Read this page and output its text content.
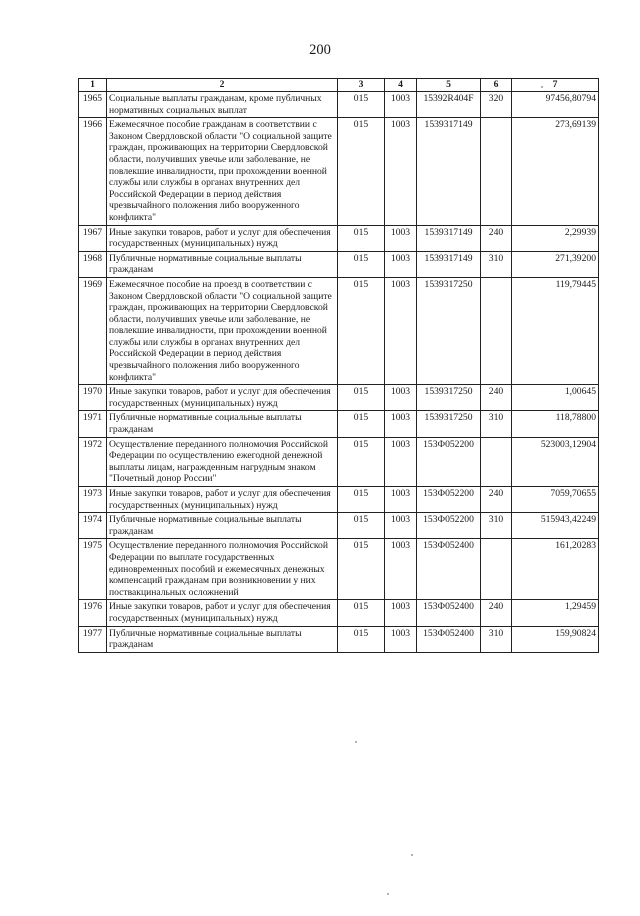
200
1	2	3	4	5	6	7
1965	Социальные выплаты гражданам, кроме публичных нормативных социальных выплат	015	1003	15392R404F	320	97456,80794
1966	Ежемесячное пособие гражданам в соответствии с Законом Свердловской области "О социальной защите граждан, проживающих на территории Свердловской области, получивших увечье или заболевание, не повлекшие инвалидности, при прохождении военной службы или службы в органах внутренних дел Российской Федерации в период действия чрезвычайного положения либо вооруженного конфликта"	015	1003	1539317149		273,69139
1967	Иные закупки товаров, работ и услуг для обеспечения государственных (муниципальных) нужд	015	1003	1539317149	240	2,29939
1968	Публичные нормативные социальные выплаты гражданам	015	1003	1539317149	310	271,39200
1969	Ежемесячное пособие на проезд в соответствии с Законом Свердловской области "О социальной защите граждан, проживающих на территории Свердловской области, получивших увечье или заболевание, не повлекшие инвалидности, при прохождении военной службы или службы в органах внутренних дел Российской Федерации в период действия чрезвычайного положения либо вооруженного конфликта"	015	1003	1539317250		119,79445
1970	Иные закупки товаров, работ и услуг для обеспечения государственных (муниципальных) нужд	015	1003	1539317250	240	1,00645
1971	Публичные нормативные социальные выплаты гражданам	015	1003	1539317250	310	118,78800
1972	Осуществление переданного полномочия Российской Федерации по осуществлению ежегодной денежной выплаты лицам, награжденным нагрудным знаком "Почетный донор России"	015	1003	153Ф052200		523003,12904
1973	Иные закупки товаров, работ и услуг для обеспечения государственных (муниципальных) нужд	015	1003	153Ф052200	240	7059,70655
1974	Публичные нормативные социальные выплаты гражданам	015	1003	153Ф052200	310	515943,42249
1975	Осуществление переданного полномочия Российской Федерации по выплате государственных единовременных пособий и ежемесячных денежных компенсаций гражданам при возникновении у них поствакцинальных осложнений	015	1003	153Ф052400		161,20283
1976	Иные закупки товаров, работ и услуг для обеспечения государственных (муниципальных) нужд	015	1003	153Ф052400	240	1,29459
1977	Публичные нормативные социальные выплаты гражданам	015	1003	153Ф052400	310	159,90824
